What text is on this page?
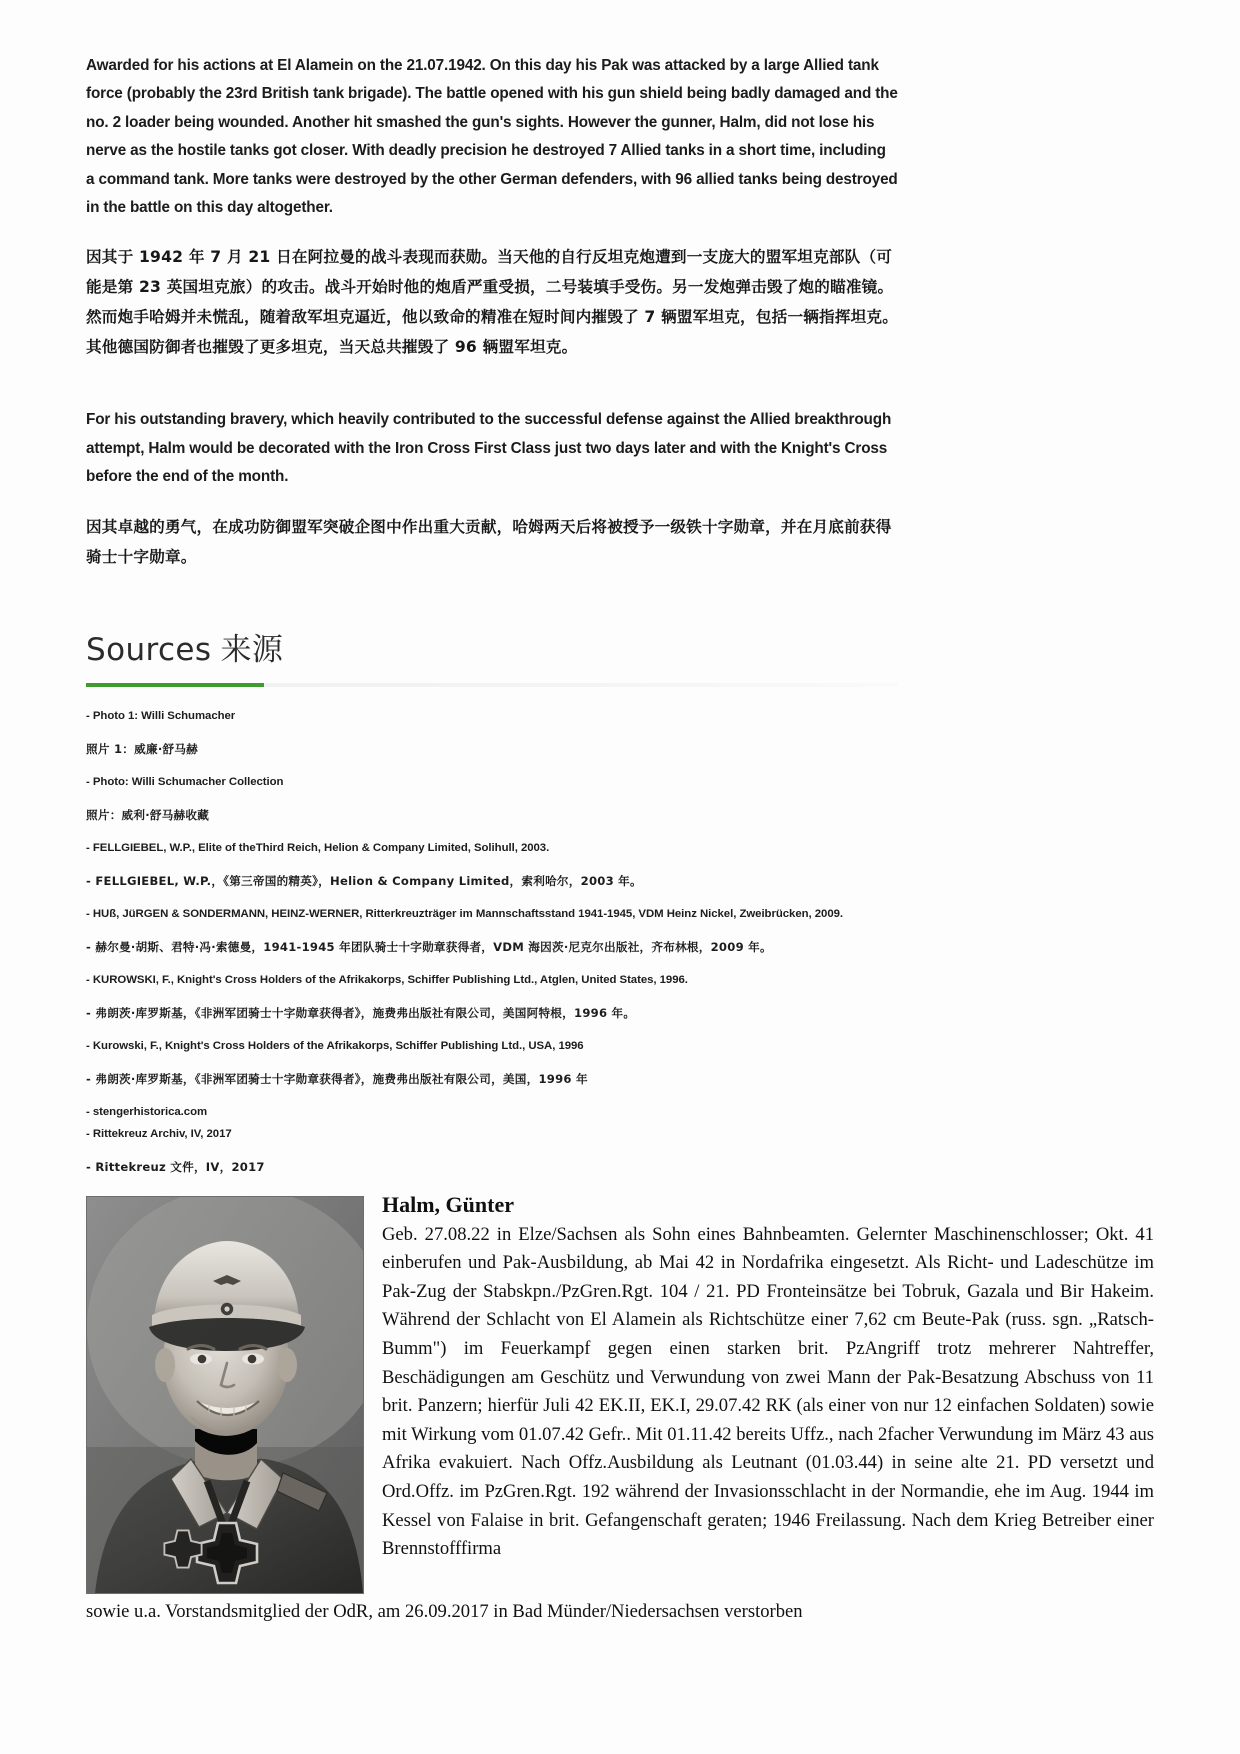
Awarded for his actions at El Alamein on the 21.07.1942. On this day his Pak was attacked by a large Allied tank force (probably the 23rd British tank brigade). The battle opened with his gun shield being badly damaged and the no. 2 loader being wounded. Another hit smashed the gun's sights. However the gunner, Halm, did not lose his nerve as the hostile tanks got closer. With deadly precision he destroyed 7 Allied tanks in a short time, including a command tank. More tanks were destroyed by the other German defenders, with 96 allied tanks being destroyed in the battle on this day altogether.

因其于 1942 年 7 月 21 日在阿拉曼的战斗表现而获勋。当天他的自行反坦克炮遭到一支庞大的盟军坦克部队（可能是第 23 英国坦克旅）的攻击。战斗开始时他的炮盾严重受损，二号装填手受伤。另一发炮弹击毁了炮的瞄准镜。然而炮手哈姆并未慌乱，随着敌军坦克逼近，他以致命的精准在短时间内摧毁了 7 辆盟军坦克，包括一辆指挥坦克。其他德国防御者也摧毁了更多坦克，当天总共摧毁了 96 辆盟军坦克。

For his outstanding bravery, which heavily contributed to the successful defense against the Allied breakthrough attempt, Halm would be decorated with the Iron Cross First Class just two days later and with the Knight's Cross before the end of the month.

因其卓越的勇气，在成功防御盟军突破企图中作出重大贡献，哈姆两天后将被授予一级铁十字勋章，并在月底前获得骑士十字勋章。

Sources 来源
- Photo 1: Willi Schumacher
照片 1：威廉·舒马赫
- Photo: Willi Schumacher Collection
照片：威利·舒马赫收藏
- FELLGIEBEL, W.P., Elite of theThird Reich, Helion & Company Limited, Solihull, 2003.
- FELLGIEBEL, W.P.，《第三帝国的精英》，Helion & Company Limited，索利哈尔，2003 年。
- HUß, JüRGEN & SONDERMANN, HEINZ-WERNER, Ritterkreuzträger im Mannschaftsstand 1941-1945, VDM Heinz Nickel, Zweibrücken, 2009.
- 赫尔曼·胡斯、君特·冯·索德曼，1941-1945 年团队骑士十字勋章获得者，VDM 海因茨·尼克尔出版社，齐布林根，2009 年。
- KUROWSKI, F., Knight's Cross Holders of the Afrikakorps, Schiffer Publishing Ltd., Atglen, United States, 1996.
- 弗朗茨·库罗斯基，《非洲军团骑士十字勋章获得者》，施费弗出版社有限公司，美国阿特根，1996 年。
- Kurowski, F., Knight's Cross Holders of the Afrikakorps, Schiffer Publishing Ltd., USA, 1996
- 弗朗茨·库罗斯基，《非洲军团骑士十字勋章获得者》，施费弗出版社有限公司，美国，1996 年
- stengerhistorica.com
- Rittekreuz Archiv, IV, 2017
- Rittekreuz 文件，IV，2017
Halm, Günter

Geb. 27.08.22 in Elze/Sachsen als Sohn eines Bahnbeamten. Gelernter Maschinenschlosser; Okt. 41 einberufen und Pak-Ausbildung, ab Mai 42 in Nordafrika eingesetzt. Als Richt- und Ladeschütze im Pak-Zug der Stabskpn./PzGren.Rgt. 104 / 21. PD Fronteinsätze bei Tobruk, Gazala und Bir Hakeim. Während der Schlacht von El Alamein als Richtschütze einer 7,62 cm Beute-Pak (russ. sgn. „Ratsch-Bumm") im Feuerkampf gegen einen starken brit. PzAngriff trotz mehrerer Nahtreffer, Beschädigungen am Geschütz und Verwundung von zwei Mann der Pak-Besatzung Abschuss von 11 brit. Panzern; hierfür Juli 42 EK.II, EK.I, 29.07.42 RK (als einer von nur 12 einfachen Soldaten) sowie mit Wirkung vom 01.07.42 Gefr.. Mit 01.11.42 bereits Uffz., nach 2facher Verwundung im März 43 aus Afrika evakuiert. Nach Offz.Ausbildung als Leutnant (01.03.44) in seine alte 21. PD versetzt und Ord.Offz. im PzGren.Rgt. 192 während der Invasionsschlacht in der Normandie, ehe im Aug. 1944 im Kessel von Falaise in brit. Gefangenschaft geraten; 1946 Freilassung. Nach dem Krieg Betreiber einer Brennstofffirma

sowie u.a. Vorstandsmitglied der OdR, am 26.09.2017 in Bad Münder/Niedersachsen verstorben
